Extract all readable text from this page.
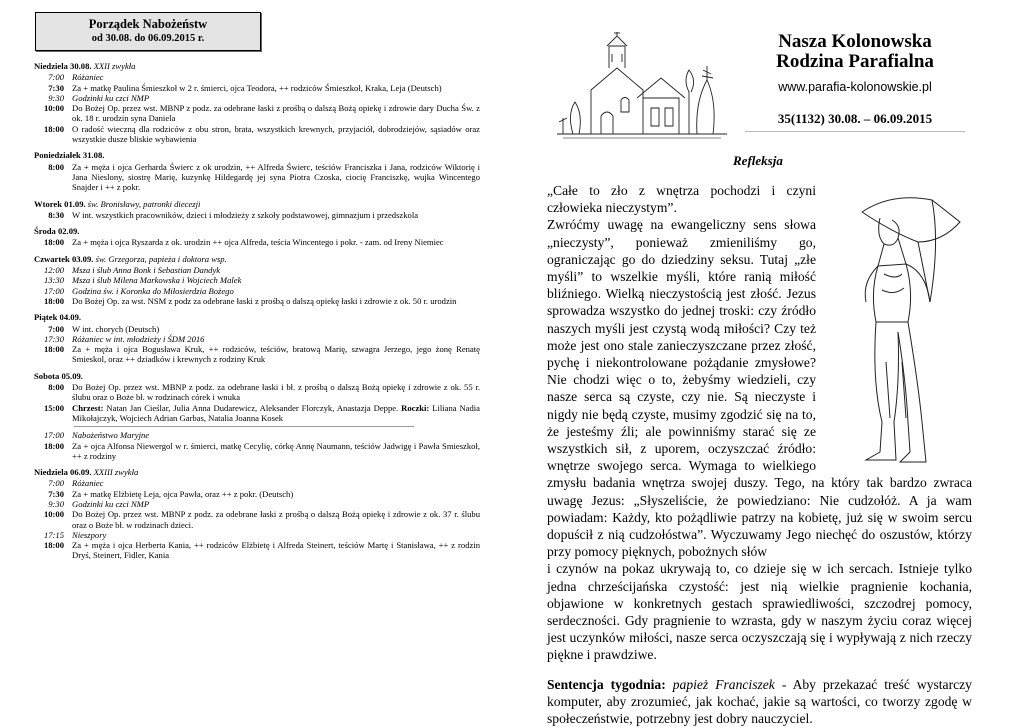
Porządek Nabożeństw
od 30.08. do 06.09.2015 r.
Niedziela 30.08. XXII zwykła
7:00 Różaniec
7:30 Za + matkę Paulina Śmieszkoł w 2 r. śmierci, ojca Teodora, ++ rodziców Śmieszkoł, Kraka, Leja (Deutsch)
9:30 Godzinki ku czci NMP
10:00 Do Bożej Op. przez wst. MBNP z podz. za odebrane łaski z prośbą o dalszą Bożą opiekę i zdrowie dary Ducha Św. z ok. 18 r. urodzin syna Daniela
18:00 O radość wieczną dla rodziców z obu stron, brata, wszystkich krewnych, przyjaciół, dobrodziejów, sąsiadów oraz wszystkie dusze bliskie wybawienia
Poniedziałek 31.08.
8:00 Za + męża i ojca Gerharda Świerc z ok urodzin, ++ Alfreda Świerc, teściów Franciszka i Jana, rodziców Wiktorię i Jana Nieslony, siostrę Marię, kuzynkę Hildegardę jej syna Piotra Czoska, ciocię Franciszkę, wujka Wincentego Snajder i ++ z pokr.
Wtorek 01.09. św. Bronisławy, patronki diecezji
8:30 W int. wszystkich pracowników, dzieci i młodzieży z szkoły podstawowej, gimnazjum i przedszkola
Środa 02.09.
18:00 Za + męża i ojca Ryszarda z ok. urodzin ++ ojca Alfreda, teścia Wincentego i pokr. - zam. od Ireny Niemiec
Czwartek 03.09. św. Grzegorza, papieża i doktora wsp.
12:00 Msza i ślub Anna Bonk i Sebastian Dandyk
13:30 Msza i ślub Milena Markowska i Wojciech Malek
17:00 Godzina św. i Koronka do Miłosierdzia Bożego
18:00 Do Bożej Op. za wst. NSM z podz za odebrane łaski z prośbą o dalszą opiekę łaski i zdrowie z ok. 50 r. urodzin
Piątek 04.09.
7:00 W int. chorych (Deutsch)
17:30 Różaniec w int. młodzieży i ŚDM 2016
18:00 Za + męża i ojca Bogusława Kruk, ++ rodziców, teściów, bratową Marię, szwagra Jerzego, jego żonę Renatę Smieskol, oraz ++ dziadków i krewnych z rodziny Kruk
Sobota 05.09.
8:00 Do Bożej Op. przez wst. MBNP z podz. za odebrane łaski i bł. z prośbą o dalszą Bożą opiekę i zdrowie z ok. 55 r. ślubu oraz o Boże bł. w rodzinach córek i wnuka
15:00 Chrzest: Natan Jan Cieślar, Julia Anna Dudarewicz, Aleksander Florczyk, Anastazja Deppe. Roczki: Liliana Nadia Mikołajczyk, Wojciech Adrian Garbas, Natalia Joanna Kosek
17:00 Nabożeństwo Maryjne
18:00 Za + ojca Alfonsa Niewergol w r. śmierci, matkę Cecylię, córkę Annę Naumann, teściów Jadwigę i Pawła Smieszkoł, ++ z rodziny
Niedziela 06.09. XXIII zwykła
7:00 Różaniec
7:30 Za + matkę Elżbietę Leja, ojca Pawła, oraz ++ z pokr. (Deutsch)
9:30 Godzinki ku czci NMP
10:00 Do Bożej Op. przez wst. MBNP z podz. za odebrane łaski z prośbą o dalszą Bożą opiekę i zdrowie z ok. 37 r. ślubu oraz o Boże bł. w rodzinach dzieci.
17:15 Nieszpory
18:00 Za + męża i ojca Herberta Kania, ++ rodziców Elżbietę i Alfreda Steinert, teściów Martę i Stanisława, ++ z rodzin Dryś, Steinert, Fidler, Kania
Nasza Kolonowska
Rodzina Parafialna
www.parafia-kolonowskie.pl
35(1132) 30.08. – 06.09.2015
Refleksja

„Całe to zło z wnętrza pochodzi i czyni człowieka nieczystym”.

Zwróćmy uwagę na ewangeliczny sens słowa „nieczysty”, ponieważ zmieniliśmy go, ograniczając go do dziedziny seksu. Tutaj „złe myśli” to wszelkie myśli, które ranią miłość bliźniego. Wielką nieczystością jest złość. Jezus sprowadza wszystko do jednej troski: czy źródło naszych myśli jest czystą wodą miłości? Czy też może jest ono stale zanieczyszczane przez złość, pychę i niekontrolowane pożądanie zmysłowe? Nie chodzi więc o to, żebyśmy wiedzieli, czy nasze serca są czyste, czy nie. Są nieczyste i nigdy nie będą czyste, musimy zgodzić się na to, że jesteśmy źli; ale powinniśmy starać się ze wszystkich sił, z uporem, oczyszczać źródło: wnętrze swojego serca. Wymaga to wielkiego zmysłu badania wnętrza swojej duszy. Tego, na który tak bardzo zwraca uwagę Jezus: „Słyszeliście, że powiedziano: Nie cudzołóż. A ja wam powiadam: Każdy, kto pożądliwie patrzy na kobietę, już się w swoim sercu dopuścił z nią cudzołóstwa”. Wyczuwamy Jego niechęć do oszustów, którzy przy pomocy pięknych, pobożnych słów

i czynów na pokaz ukrywają to, co dzieje się w ich sercach. Istnieje tylko jedna chrześcijańska czystość: jest nią wielkie pragnienie kochania, objawione w konkretnych gestach sprawiedliwości, szczodrej pomocy, serdeczności. Gdy pragnienie to wzrasta, gdy w naszym życiu coraz więcej jest uczynków miłości, nasze serca oczyszczają się i wypływają z nich rzeczy piękne i prawdziwe.

Sentencja tygodnia: papież Franciszek - Aby przekazać treść wystarczy komputer, aby zrozumieć, jak kochać, jakie są wartości, co tworzy zgodę w społeczeństwie, potrzebny jest dobry nauczyciel.
